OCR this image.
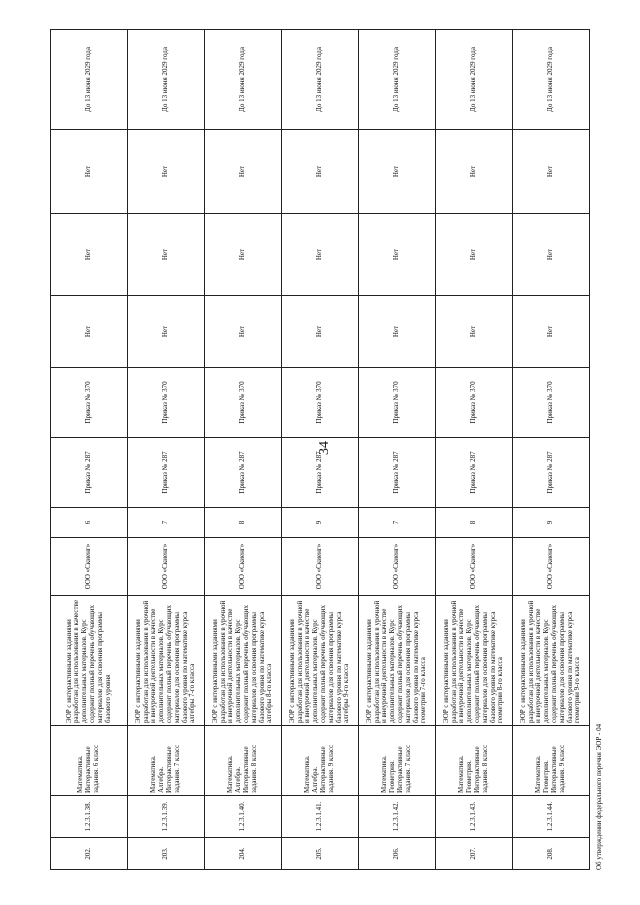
34
202.	1.2.3.1.38.	Математика. Интерактивные задания. 6 класс	ЭОР с интерактивными заданиями разработан для использования в качестве дополнительных материалов. Курс содержит полный перечень обучающих материалов для освоения программы базового уровня	ООО «Скиенг»	6	Приказ № 287	Приказ № 370	Нет	Нет	Нет	До 13 июня 2029 года
203.	1.2.3.1.39.	Математика. Алгебра. Интерактивные задания. 7 класс	ЭОР с интерактивными заданиями разработан для использования в урочной и внеурочной деятельности в качестве дополнительных материалов. Курс содержит полный перечень обучающих материалов для освоения программы базового уровня по математике курса алгебры 7-го класса	ООО «Скиенг»	7	Приказ № 287	Приказ № 370	Нет	Нет	Нет	До 13 июня 2029 года
204.	1.2.3.1.40.	Математика. Алгебра. Интерактивные задания. 8 класс	ЭОР с интерактивными заданиями разработан для использования в урочной и внеурочной деятельности в качестве дополнительных материалов. Курс содержит полный перечень обучающих материалов для освоения программы базового уровня по математике курса алгебры 8-го класса	ООО «Скиенг»	8	Приказ № 287	Приказ № 370	Нет	Нет	Нет	До 13 июня 2029 года
205.	1.2.3.1.41.	Математика. Алгебра. Интерактивные задания. 9 класс	ЭОР с интерактивными заданиями разработан для использования в урочной и внеурочной деятельности в качестве дополнительных материалов. Курс содержит полный перечень обучающих материалов для освоения программы базового уровня по математике курса алгебры 9-го класса	ООО «Скиенг»	9	Приказ № 287	Приказ № 370	Нет	Нет	Нет	До 13 июня 2029 года
206.	1.2.3.1.42.	Математика. Геометрия. Интерактивные задания. 7 класс	ЭОР с интерактивными заданиями разработан для использования в урочной и внеурочной деятельности в качестве дополнительных материалов. Курс содержит полный перечень обучающих материалов для освоения программы базового уровня по математике курса геометрии 7-го класса	ООО «Скиенг»	7	Приказ № 287	Приказ № 370	Нет	Нет	Нет	До 13 июня 2029 года
207.	1.2.3.1.43.	Математика. Геометрия. Интерактивные задания. 8 класс	ЭОР с интерактивными заданиями разработан для использования в урочной и внеурочной деятельности в качестве дополнительных материалов. Курс содержит полный перечень обучающих материалов для освоения программы базового уровня по математике курса геометрии 8-го класса	ООО «Скиенг»	8	Приказ № 287	Приказ № 370	Нет	Нет	Нет	До 13 июня 2029 года
208.	1.2.3.1.44.	Математика. Геометрия. Интерактивные задания. 9 класс	ЭОР с интерактивными заданиями разработан для использования в урочной и внеурочной деятельности в качестве дополнительных материалов. Курс содержит полный перечень обучающих материалов для освоения программы базового уровня по математике курса геометрии 9-го класса	ООО «Скиенг»	9	Приказ № 287	Приказ № 370	Нет	Нет	Нет	До 13 июня 2029 года
Об утверждении федерального перечня ЭОР - 04
